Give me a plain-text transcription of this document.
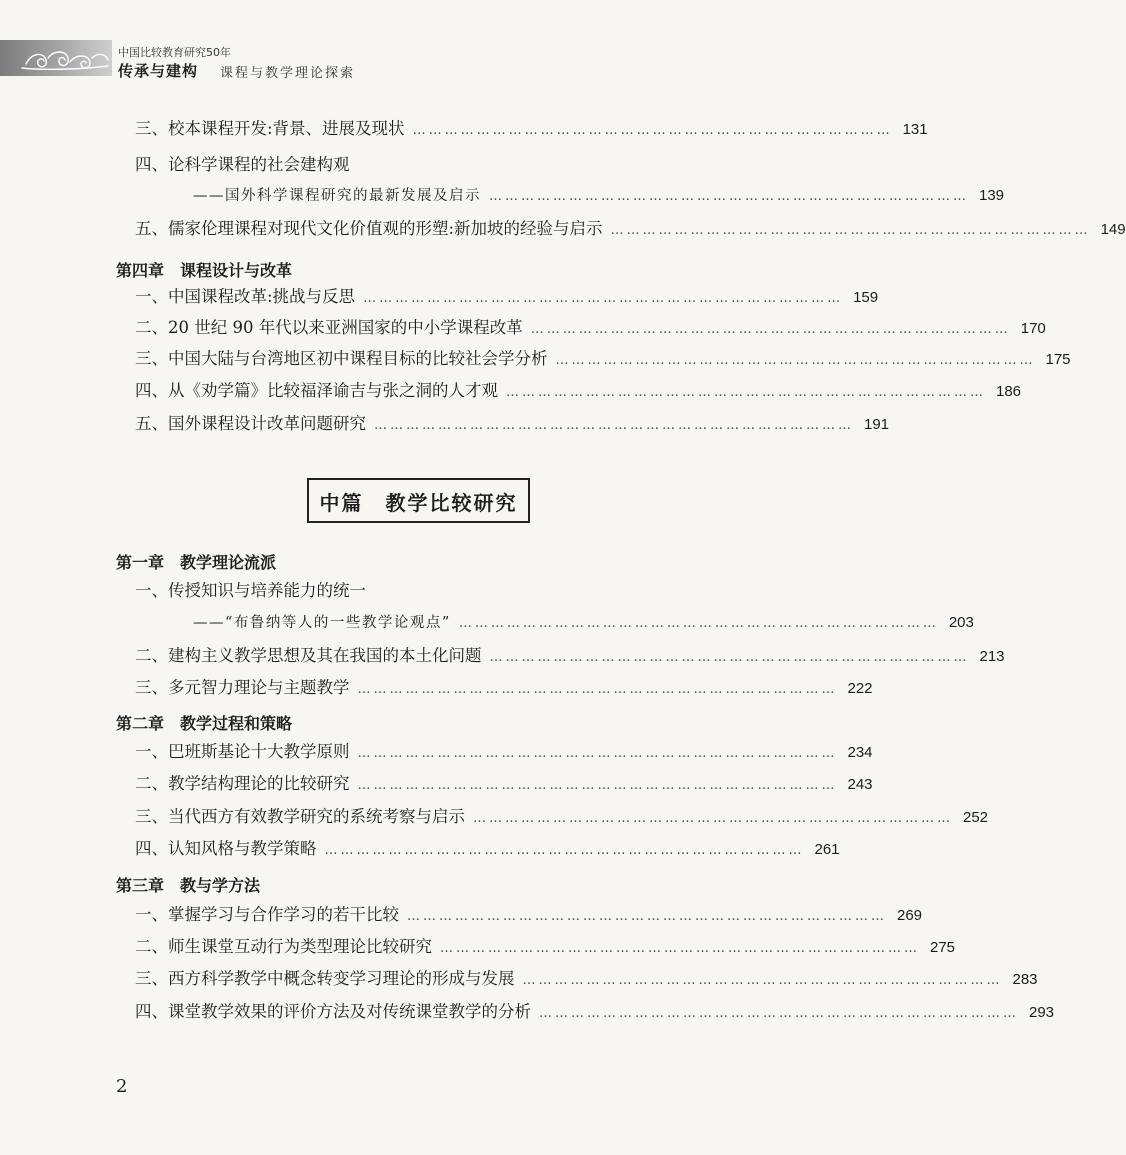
中国比较教育研究50年
传承与建构 课程与教学理论探索
三、校本课程开发:背景、进展及现状 ……………………………………………………………………………… 131
四、论科学课程的社会建构观
——国外科学课程研究的最新发展及启示 ……………………………………………………………………………… 139
五、儒家伦理课程对现代文化价值观的形塑:新加坡的经验与启示 ……………………………………………………………………………… 149
第四章　课程设计与改革
一、中国课程改革:挑战与反思 ……………………………………………………………………………… 159
二、20 世纪 90 年代以来亚洲国家的中小学课程改革 ……………………………………………………………………………… 170
三、中国大陆与台湾地区初中课程目标的比较社会学分析 ……………………………………………………………………………… 175
四、从《劝学篇》比较福泽谕吉与张之洞的人才观 ……………………………………………………………………………… 186
五、国外课程设计改革问题研究 ……………………………………………………………………………… 191
中篇　教学比较研究
第一章　教学理论流派
一、传授知识与培养能力的统一
——“布鲁纳等人的一些教学论观点” ……………………………………………………………………………… 203
二、建构主义教学思想及其在我国的本土化问题 ……………………………………………………………………………… 213
三、多元智力理论与主题教学 ……………………………………………………………………………… 222
第二章　教学过程和策略
一、巴班斯基论十大教学原则 ……………………………………………………………………………… 234
二、教学结构理论的比较研究 ……………………………………………………………………………… 243
三、当代西方有效教学研究的系统考察与启示 ……………………………………………………………………………… 252
四、认知风格与教学策略 ……………………………………………………………………………… 261
第三章　教与学方法
一、掌握学习与合作学习的若干比较 ……………………………………………………………………………… 269
二、师生课堂互动行为类型理论比较研究 ……………………………………………………………………………… 275
三、西方科学教学中概念转变学习理论的形成与发展 ……………………………………………………………………………… 283
四、课堂教学效果的评价方法及对传统课堂教学的分析 ……………………………………………………………………………… 293
2
